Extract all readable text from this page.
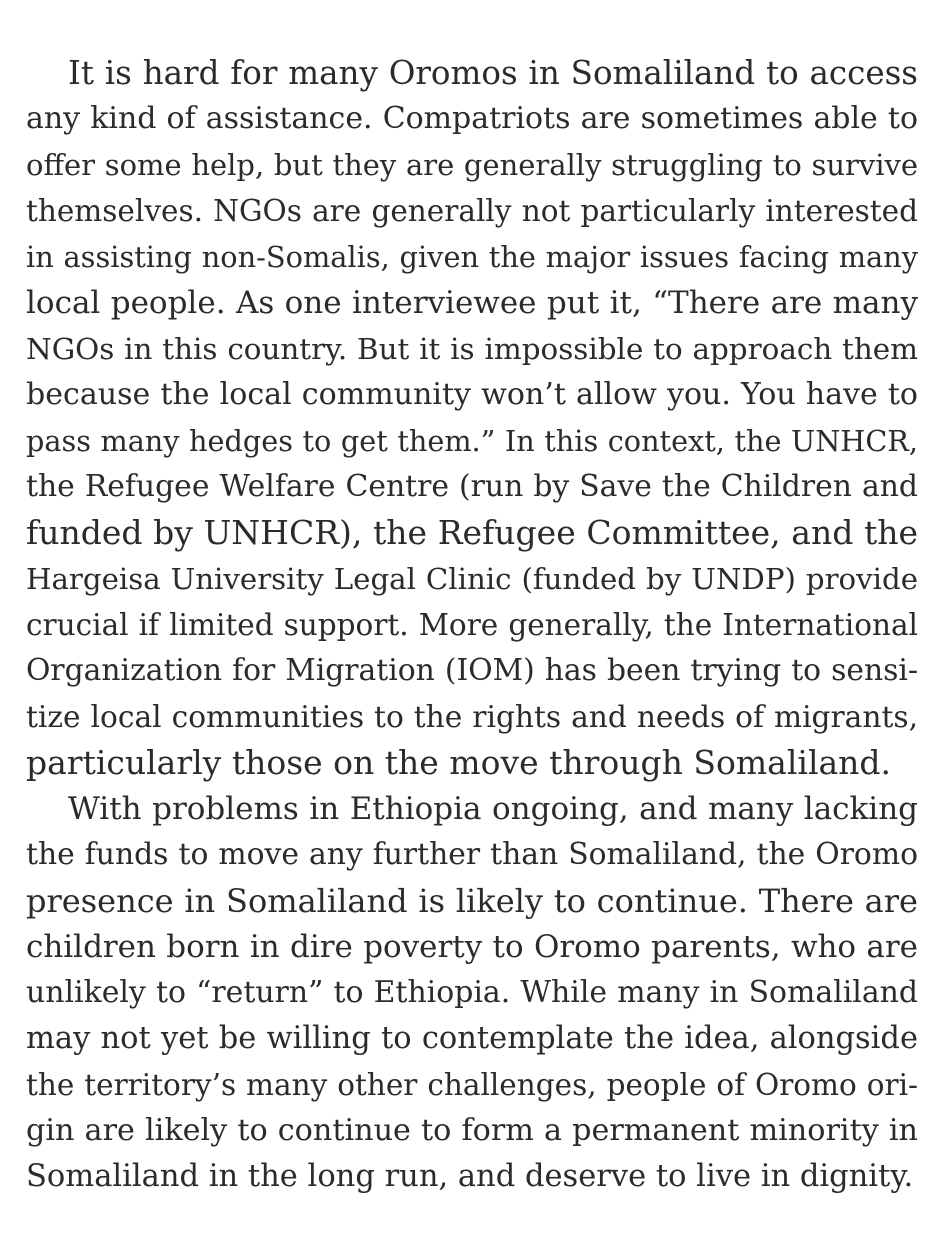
It is hard for many Oromos in Somaliland to access
any kind of assistance. Compatriots are sometimes able to
offer some help, but they are generally struggling to survive
themselves. NGOs are generally not particularly interested
in assisting non-Somalis, given the major issues facing many
local people. As one interviewee put it, “There are many
NGOs in this country. But it is impossible to approach them
because the local community won’t allow you. You have to
pass many hedges to get them.” In this context, the UNHCR,
the Refugee Welfare Centre (run by Save the Children and
funded by UNHCR), the Refugee Committee, and the
Hargeisa University Legal Clinic (funded by UNDP) provide
crucial if limited support. More generally, the International
Organization for Migration (IOM) has been trying to sensi-
tize local communities to the rights and needs of migrants,
particularly those on the move through Somaliland.
With problems in Ethiopia ongoing, and many lacking
the funds to move any further than Somaliland, the Oromo
presence in Somaliland is likely to continue. There are
children born in dire poverty to Oromo parents, who are
unlikely to “return” to Ethiopia. While many in Somaliland
may not yet be willing to contemplate the idea, alongside
the territory’s many other challenges, people of Oromo ori-
gin are likely to continue to form a permanent minority in
Somaliland in the long run, and deserve to live in dignity.
